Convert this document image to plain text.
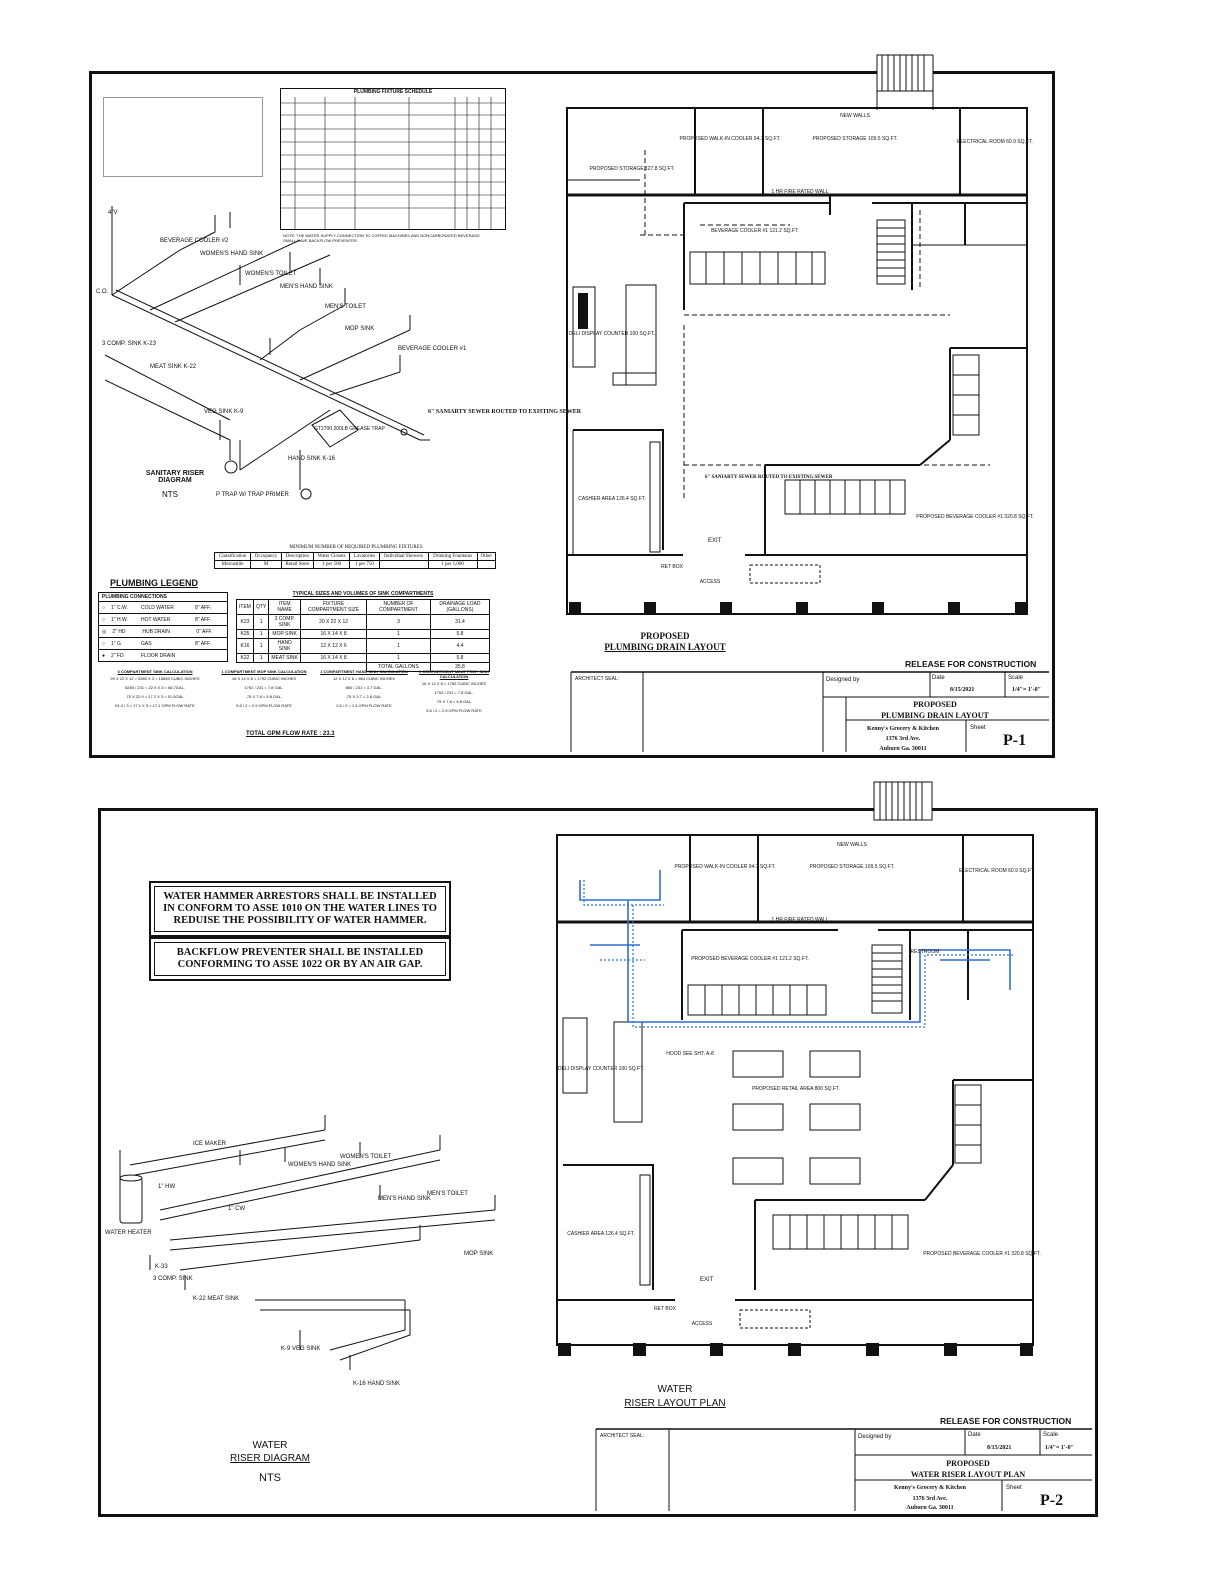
BEVERAGE COOLER #2
WOMEN'S HAND SINK
WOMEN'S TOILET
MEN'S HAND SINK
MEN'S TOILET
MOP SINK
BEVERAGE COOLER #1
3 COMP. SINK K-23
MEAT SINK K-22
VEG SINK K-9
HAND SINK K-16
C.O.
4"V
P TRAP W/ TRAP PRIMER
GT2700 200LB GREASE TRAP
6" SANIARTY SEWER ROUTED TO EXISTING SEWER
SANITARY RISER DIAGRAM
NTS
PLUMBING FIXTURE SCHEDULE
NOTE: THE WATER SUPPLY CONNECTION TO COFFEE MACHINES AND NONCARBONATED BEVERAGE SMALL HAVE BACKFLOW PREVENTER.
MINIMUM NUMBER OF REQUIRED PLUMBING FIXTURES
Classification	Occupancy	Description	Water Closets	Lavatories	Individual Showers	Drinking Fountains	Other
Mercantile	M	Retail Store	1 per 500	1 per 750		1 per 1,000	
PLUMBING LEGEND
PLUMBING CONNECTIONS
○ 1" C.W.	COLD WATER	8" AFF.
○ 1" H.W.	HOT WATER	8" AFF.
◎ 2" HD	HUB DRAIN	0" AFF.
○ 1" G	GAS	8" AFF.
● 2" FD	FLOOR DRAIN
TYPICAL SIZES AND VOLUMES OF SINK COMPARTMENTS
ITEM	QTY	ITEM NAME	FIXTURE COMPARTMENT SIZE	NUMBER OF COMPARTMENT	DRAINAGE LOAD (GALLONS)
K23	1	3 COMP. SINK	20 X 22 X 12	3	31.4
K25	1	MOP SINK	16 X 14 X 8	1	5.8
K16	1	HAND SINK	12 X 12 X 6	1	4.4
K22	1	MEAT SINK	16 X 14 X 8	1	5.8
				TOTAL GALLONS	35.8
3 COMPARTMENT SINK CALCULATION
20 X 22 X 12 = 5280 X 3 = 15840 CUBIC INCHES
5280 / 231 = 22.9 X 3 = 68.7GAL.
.75 X 22.9 = 17.2 X 3 = 51.5GAL.
51.4 / 3 = 17.1 X 3 = 17.1 GPM FLOW RATE
1 COMPARTMENT MOP SINK CALCULATION
16 X 14 X 8 = 1792 CUBIC INCHES
1792 / 231 = 7.8 GAL.
.75 X 7.8 = 5.8 GAL.
5.8 / 2 = 2.9 GPM FLOW RATE
1 COMPARTMENT HAND SINK CALCULATION
12 X 12 X 6 = 864 CUBIC INCHES
864 / 231 = 3.7 GAL.
.75 X 3.7 = 2.8 GAL.
2.8 / 2 = 1.4 GPM FLOW RATE
1 COMPARTMENT MEAT PREP. SINK CALCULATION
16 X 14 X 8 = 1792 CUBIC INCHES
1792 / 231 = 7.8 GAL.
.75 X 7.8 = 5.8 GAL.
5.8 / 2 = 2.9 GPM FLOW RATE
TOTAL GPM FLOW RATE : 23.3
PROPOSED WALK-IN COOLER 94.7 SQ.FT.	PROPOSED STORAGE 109.5 SQ.FT.	ELECTRICAL ROOM 60.9 SQ.FT.
NEW WALLS
PROPOSED STORAGE 127.8 SQ.FT.
BEVERAGE COOLER #1 121.2 SQ.FT.
DELI DISPLAY COUNTER 100 SQ.FT.
CASHIER AREA 126.4 SQ.FT.
PROPOSED BEVERAGE COOLER #1 320.8 SQ.FT.
1 HR FIRE RATED WALL
RET BOX
ACCESS
6" SANIARTY SEWER ROUTED TO EXISTING SEWER
EXIT
PROPOSED
PLUMBING DRAIN LAYOUT
RELEASE FOR CONSTRUCTION
ARCHITECT SEAL:	Designed by	Date
8/15/2021
Scale
1/4"= 1'-0"
PROPOSED
PLUMBING DRAIN LAYOUT
Kenny's Grocery & Kitchen
1376 3rd Ave.
Auburn Ga. 30011
Sheet
P-1
WATER HAMMER ARRESTORS SHALL BE INSTALLED IN CONFORM TO ASSE 1010 ON THE WATER LINES TO REDUISE THE POSSIBILITY OF WATER HAMMER.
BACKFLOW PREVENTER SHALL BE INSTALLED CONFORMING TO ASSE 1022 OR BY AN AIR GAP.
ICE MAKER
WOMEN'S HAND SINK
WOMEN'S TOILET
MEN'S HAND SINK
MEN'S TOILET
MOP SINK
WATER HEATER
K-33
3 COMP. SINK
K-22 MEAT SINK
K-9 VEG SINK
K-16 HAND SINK
1" CW
1" HW
WATER
RISER DIAGRAM
NTS
PROPOSED WALK-IN COOLER 94.7 SQ.FT.	PROPOSED STORAGE 109.5 SQ.FT.
ELECTRICAL ROOM 60.9 SQ.FT.
NEW WALLS
PROPOSED BEVERAGE COOLER #1 121.2 SQ.FT.
PROPOSED RETAIL AREA 800 SQ.FT.
DELI DISPLAY COUNTER 100 SQ.FT.
CASHIER AREA 126.4 SQ.FT.
PROPOSED BEVERAGE COOLER #1 320.8 SQ.FT.
HOOD SEE SHT. A-8
1 HR FIRE RATED WALL
RESTROOM
RET BOX
ACCESS
EXIT
WATER
RISER LAYOUT PLAN
RELEASE FOR CONSTRUCTION
ARCHITECT SEAL:	Designed by	Date
8/15/2021
Scale
1/4"= 1'-0"
PROPOSED
WATER RISER LAYOUT PLAN
Kenny's Grocery & Kitchen
1376 3rd Ave.
Auburn Ga. 30011
Sheet
P-2
